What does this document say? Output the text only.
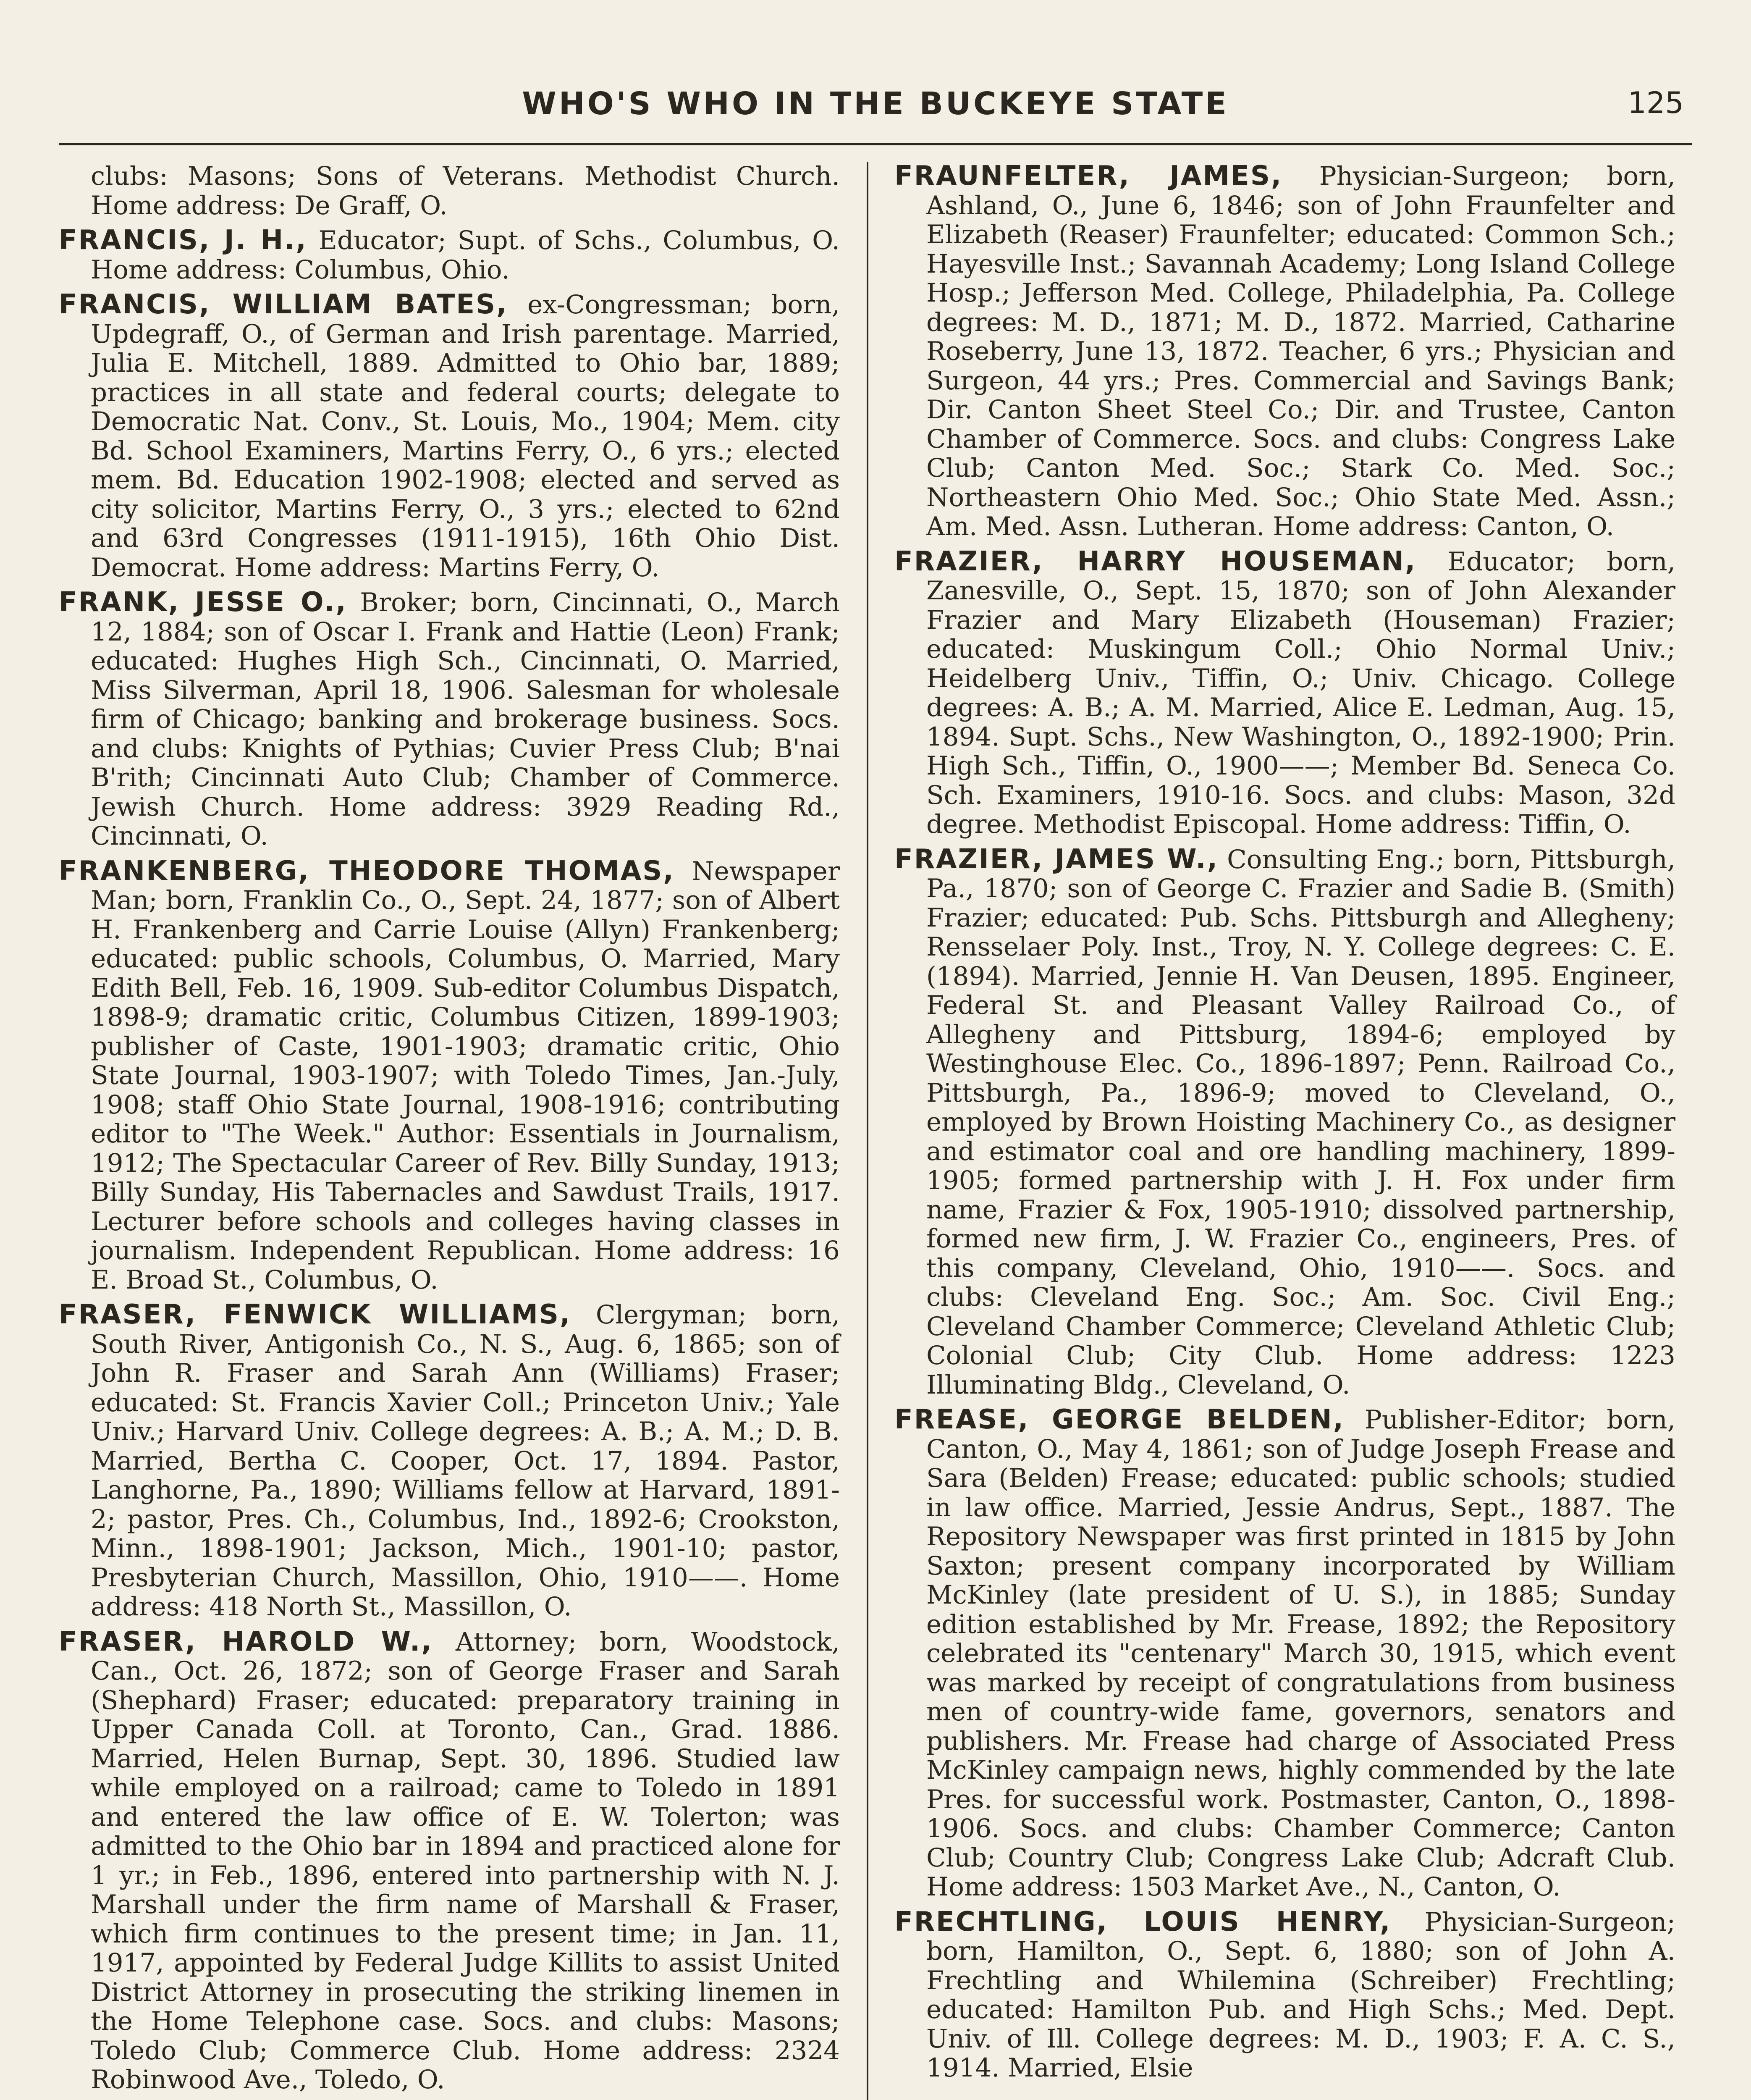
WHO'S WHO IN THE BUCKEYE STATE	125

clubs: Masons; Sons of Veterans. Methodist Church. Home address: De Graff, O.

FRANCIS, J. H., Educator; Supt. of Schs., Columbus, O. Home address: Columbus, Ohio.

FRANCIS, WILLIAM BATES, ex-Congressman; born, Updegraff, O., of German and Irish parentage. Married, Julia E. Mitchell, 1889. Admitted to Ohio bar, 1889; practices in all state and federal courts; delegate to Democratic Nat. Conv., St. Louis, Mo., 1904; Mem. city Bd. School Examiners, Martins Ferry, O., 6 yrs.; elected mem. Bd. Education 1902-1908; elected and served as city solicitor, Martins Ferry, O., 3 yrs.; elected to 62nd and 63rd Congresses (1911-1915), 16th Ohio Dist. Democrat. Home address: Martins Ferry, O.

FRANK, JESSE O., Broker; born, Cincinnati, O., March 12, 1884; son of Oscar I. Frank and Hattie (Leon) Frank; educated: Hughes High Sch., Cincinnati, O. Married, Miss Silverman, April 18, 1906. Salesman for wholesale firm of Chicago; banking and brokerage business. Socs. and clubs: Knights of Pythias; Cuvier Press Club; B'nai B'rith; Cincinnati Auto Club; Chamber of Commerce. Jewish Church. Home address: 3929 Reading Rd., Cincinnati, O.

FRANKENBERG, THEODORE THOMAS, Newspaper Man; born, Franklin Co., O., Sept. 24, 1877; son of Albert H. Frankenberg and Carrie Louise (Allyn) Frankenberg; educated: public schools, Columbus, O. Married, Mary Edith Bell, Feb. 16, 1909. Sub-editor Columbus Dispatch, 1898-9; dramatic critic, Columbus Citizen, 1899-1903; publisher of Caste, 1901-1903; dramatic critic, Ohio State Journal, 1903-1907; with Toledo Times, Jan.-July, 1908; staff Ohio State Journal, 1908-1916; contributing editor to "The Week." Author: Essentials in Journalism, 1912; The Spectacular Career of Rev. Billy Sunday, 1913; Billy Sunday, His Tabernacles and Sawdust Trails, 1917. Lecturer before schools and colleges having classes in journalism. Independent Republican. Home address: 16 E. Broad St., Columbus, O.

FRASER, FENWICK WILLIAMS, Clergyman; born, South River, Antigonish Co., N. S., Aug. 6, 1865; son of John R. Fraser and Sarah Ann (Williams) Fraser; educated: St. Francis Xavier Coll.; Princeton Univ.; Yale Univ.; Harvard Univ. College degrees: A. B.; A. M.; D. B. Married, Bertha C. Cooper, Oct. 17, 1894. Pastor, Langhorne, Pa., 1890; Williams fellow at Harvard, 1891-2; pastor, Pres. Ch., Columbus, Ind., 1892-6; Crookston, Minn., 1898-1901; Jackson, Mich., 1901-10; pastor, Presbyterian Church, Massillon, Ohio, 1910——. Home address: 418 North St., Massillon, O.

FRASER, HAROLD W., Attorney; born, Woodstock, Can., Oct. 26, 1872; son of George Fraser and Sarah (Shephard) Fraser; educated: preparatory training in Upper Canada Coll. at Toronto, Can., Grad. 1886. Married, Helen Burnap, Sept. 30, 1896. Studied law while employed on a railroad; came to Toledo in 1891 and entered the law office of E. W. Tolerton; was admitted to the Ohio bar in 1894 and practiced alone for 1 yr.; in Feb., 1896, entered into partnership with N. J. Marshall under the firm name of Marshall & Fraser, which firm continues to the present time; in Jan. 11, 1917, appointed by Federal Judge Killits to assist United District Attorney in prosecuting the striking linemen in the Home Telephone case. Socs. and clubs: Masons; Toledo Club; Commerce Club. Home address: 2324 Robinwood Ave., Toledo, O.

FRAUNFELTER, JAMES, Physician-Surgeon; born, Ashland, O., June 6, 1846; son of John Fraunfelter and Elizabeth (Reaser) Fraunfelter; educated: Common Sch.; Hayesville Inst.; Savannah Academy; Long Island College Hosp.; Jefferson Med. College, Philadelphia, Pa. College degrees: M. D., 1871; M. D., 1872. Married, Catharine Roseberry, June 13, 1872. Teacher, 6 yrs.; Physician and Surgeon, 44 yrs.; Pres. Commercial and Savings Bank; Dir. Canton Sheet Steel Co.; Dir. and Trustee, Canton Chamber of Commerce. Socs. and clubs: Congress Lake Club; Canton Med. Soc.; Stark Co. Med. Soc.; Northeastern Ohio Med. Soc.; Ohio State Med. Assn.; Am. Med. Assn. Lutheran. Home address: Canton, O.

FRAZIER, HARRY HOUSEMAN, Educator; born, Zanesville, O., Sept. 15, 1870; son of John Alexander Frazier and Mary Elizabeth (Houseman) Frazier; educated: Muskingum Coll.; Ohio Normal Univ.; Heidelberg Univ., Tiffin, O.; Univ. Chicago. College degrees: A. B.; A. M. Married, Alice E. Ledman, Aug. 15, 1894. Supt. Schs., New Washington, O., 1892-1900; Prin. High Sch., Tiffin, O., 1900——; Member Bd. Seneca Co. Sch. Examiners, 1910-16. Socs. and clubs: Mason, 32d degree. Methodist Episcopal. Home address: Tiffin, O.

FRAZIER, JAMES W., Consulting Eng.; born, Pittsburgh, Pa., 1870; son of George C. Frazier and Sadie B. (Smith) Frazier; educated: Pub. Schs. Pittsburgh and Allegheny; Rensselaer Poly. Inst., Troy, N. Y. College degrees: C. E. (1894). Married, Jennie H. Van Deusen, 1895. Engineer, Federal St. and Pleasant Valley Railroad Co., of Allegheny and Pittsburg, 1894-6; employed by Westinghouse Elec. Co., 1896-1897; Penn. Railroad Co., Pittsburgh, Pa., 1896-9; moved to Cleveland, O., employed by Brown Hoisting Machinery Co., as designer and estimator coal and ore handling machinery, 1899-1905; formed partnership with J. H. Fox under firm name, Frazier & Fox, 1905-1910; dissolved partnership, formed new firm, J. W. Frazier Co., engineers, Pres. of this company, Cleveland, Ohio, 1910——. Socs. and clubs: Cleveland Eng. Soc.; Am. Soc. Civil Eng.; Cleveland Chamber Commerce; Cleveland Athletic Club; Colonial Club; City Club. Home address: 1223 Illuminating Bldg., Cleveland, O.

FREASE, GEORGE BELDEN, Publisher-Editor; born, Canton, O., May 4, 1861; son of Judge Joseph Frease and Sara (Belden) Frease; educated: public schools; studied in law office. Married, Jessie Andrus, Sept., 1887. The Repository Newspaper was first printed in 1815 by John Saxton; present company incorporated by William McKinley (late president of U. S.), in 1885; Sunday edition established by Mr. Frease, 1892; the Repository celebrated its "centenary" March 30, 1915, which event was marked by receipt of congratulations from business men of country-wide fame, governors, senators and publishers. Mr. Frease had charge of Associated Press McKinley campaign news, highly commended by the late Pres. for successful work. Postmaster, Canton, O., 1898-1906. Socs. and clubs: Chamber Commerce; Canton Club; Country Club; Congress Lake Club; Adcraft Club. Home address: 1503 Market Ave., N., Canton, O.

FRECHTLING, LOUIS HENRY, Physician-Surgeon; born, Hamilton, O., Sept. 6, 1880; son of John A. Frechtling and Whilemina (Schreiber) Frechtling; educated: Hamilton Pub. and High Schs.; Med. Dept. Univ. of Ill. College degrees: M. D., 1903; F. A. C. S., 1914. Married, Elsie
